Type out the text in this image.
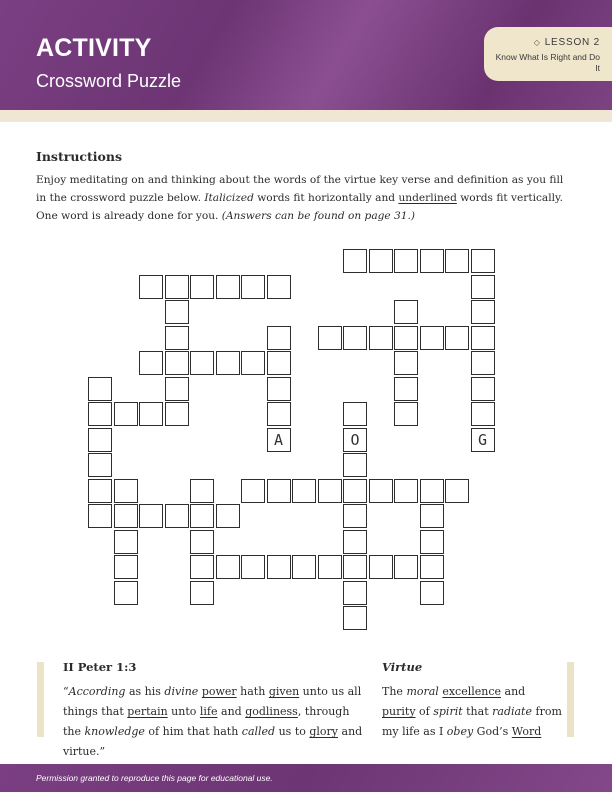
ACTIVITY
Crossword Puzzle
◇ LESSON 2
Know What Is Right and Do It
Instructions
Enjoy meditating on and thinking about the words of the virtue key verse and definition as you fill in the crossword puzzle below. Italicized words fit horizontally and underlined words fit vertically. One word is already done for you. (Answers can be found on page 31.)
A	O	G
II Peter 1:3
“According as his divine power hath given unto us all things that pertain unto life and godliness, through the knowledge of him that hath called us to glory and virtue.”
Virtue
The moral excellence and purity of spirit that radiate from my life as I obey God’s Word
Permission granted to reproduce this page for educational use.
